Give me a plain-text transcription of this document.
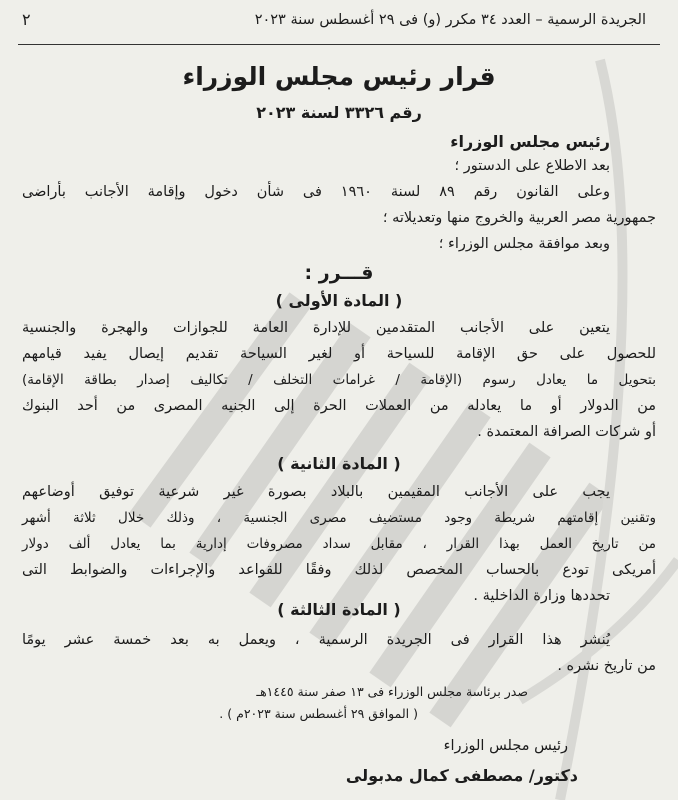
٢	الجريدة الرسمية – العدد ٣٤ مكرر (و) فى ٢٩ أغسطس سنة ٢٠٢٣
قرار رئيس مجلس الوزراء
رقم ٣٣٢٦ لسنة ٢٠٢٣
رئيس مجلس الوزراء
بعد الاطلاع على الدستور ؛
وعلى القانون رقم ٨٩ لسنة ١٩٦٠ فى شأن دخول وإقامة الأجانب بأراضى
جمهورية مصر العربية والخروج منها وتعديلاته ؛
وبعد موافقة مجلس الوزراء ؛
قـــرر :
( المادة الأولى )
يتعين على الأجانب المتقدمين للإدارة العامة للجوازات والهجرة والجنسية
للحصول على حق الإقامة للسياحة أو لغير السياحة تقديم إيصال يفيد قيامهم
بتحويل ما يعادل رسوم (الإقامة / غرامات التخلف / تكاليف إصدار بطاقة الإقامة)
من الدولار أو ما يعادله من العملات الحرة إلى الجنيه المصرى من أحد البنوك
أو شركات الصرافة المعتمدة .
( المادة الثانية )
يجب على الأجانب المقيمين بالبلاد بصورة غير شرعية توفيق أوضاعهم
وتقنين إقامتهم شريطة وجود مستضيف مصرى الجنسية ، وذلك خلال ثلاثة أشهر
من تاريخ العمل بهذا القرار ، مقابل سداد مصروفات إدارية بما يعادل ألف دولار
أمريكى تودع بالحساب المخصص لذلك وفقًا للقواعد والإجراءات والضوابط التى
تحددها وزارة الداخلية .
( المادة الثالثة )
يُنشر هذا القرار فى الجريدة الرسمية ، ويعمل به بعد خمسة عشر يومًا
من تاريخ نشره .
صدر برئاسة مجلس الوزراء فى ١٣ صفر سنة ١٤٤٥هـ
( الموافق ٢٩ أغسطس سنة ٢٠٢٣م ) .
رئيس مجلس الوزراء
دكتور/ مصطفى كمال مدبولى
